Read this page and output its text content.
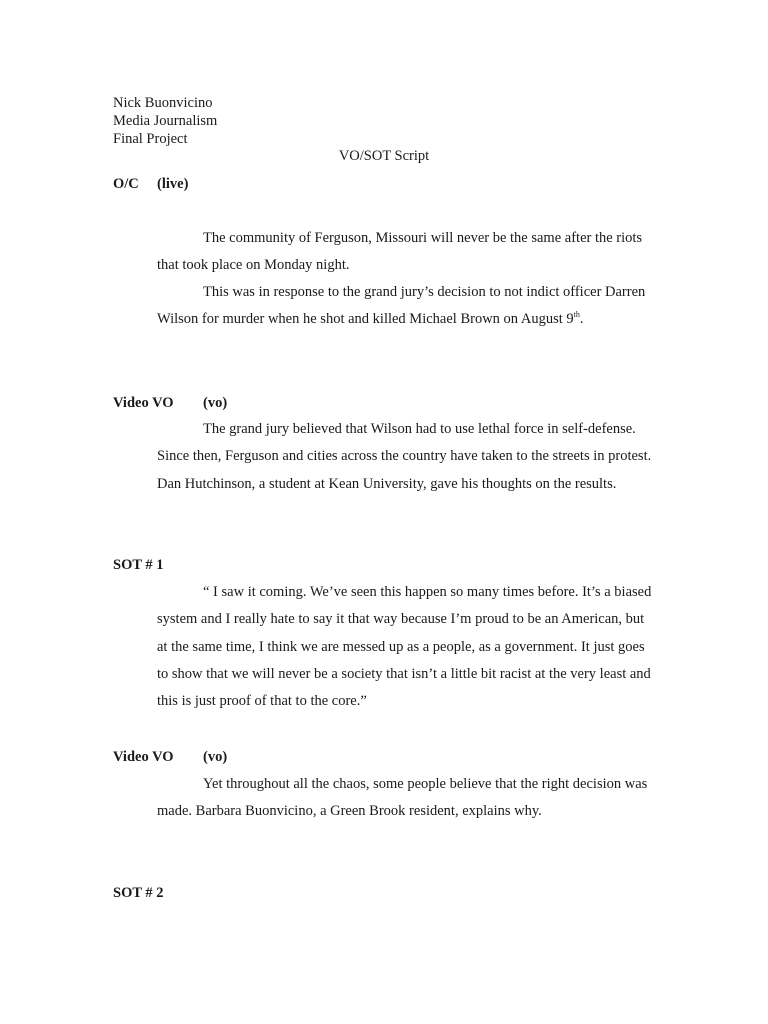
Nick Buonvicino
Media Journalism
Final Project
VO/SOT Script
O/C (live)

The community of Ferguson, Missouri will never be the same after the riots that took place on Monday night.

This was in response to the grand jury’s decision to not indict officer Darren Wilson for murder when he shot and killed Michael Brown on August 9th.

Video VO (vo)

The grand jury believed that Wilson had to use lethal force in self-defense. Since then, Ferguson and cities across the country have taken to the streets in protest. Dan Hutchinson, a student at Kean University, gave his thoughts on the results.

SOT # 1

“ I saw it coming. We’ve seen this happen so many times before. It’s a biased system and I really hate to say it that way because I’m proud to be an American, but at the same time, I think we are messed up as a people, as a government. It just goes to show that we will never be a society that isn’t a little bit racist at the very least and this is just proof of that to the core.”

Video VO (vo)

Yet throughout all the chaos, some people believe that the right decision was made. Barbara Buonvicino, a Green Brook resident, explains why.

SOT # 2
